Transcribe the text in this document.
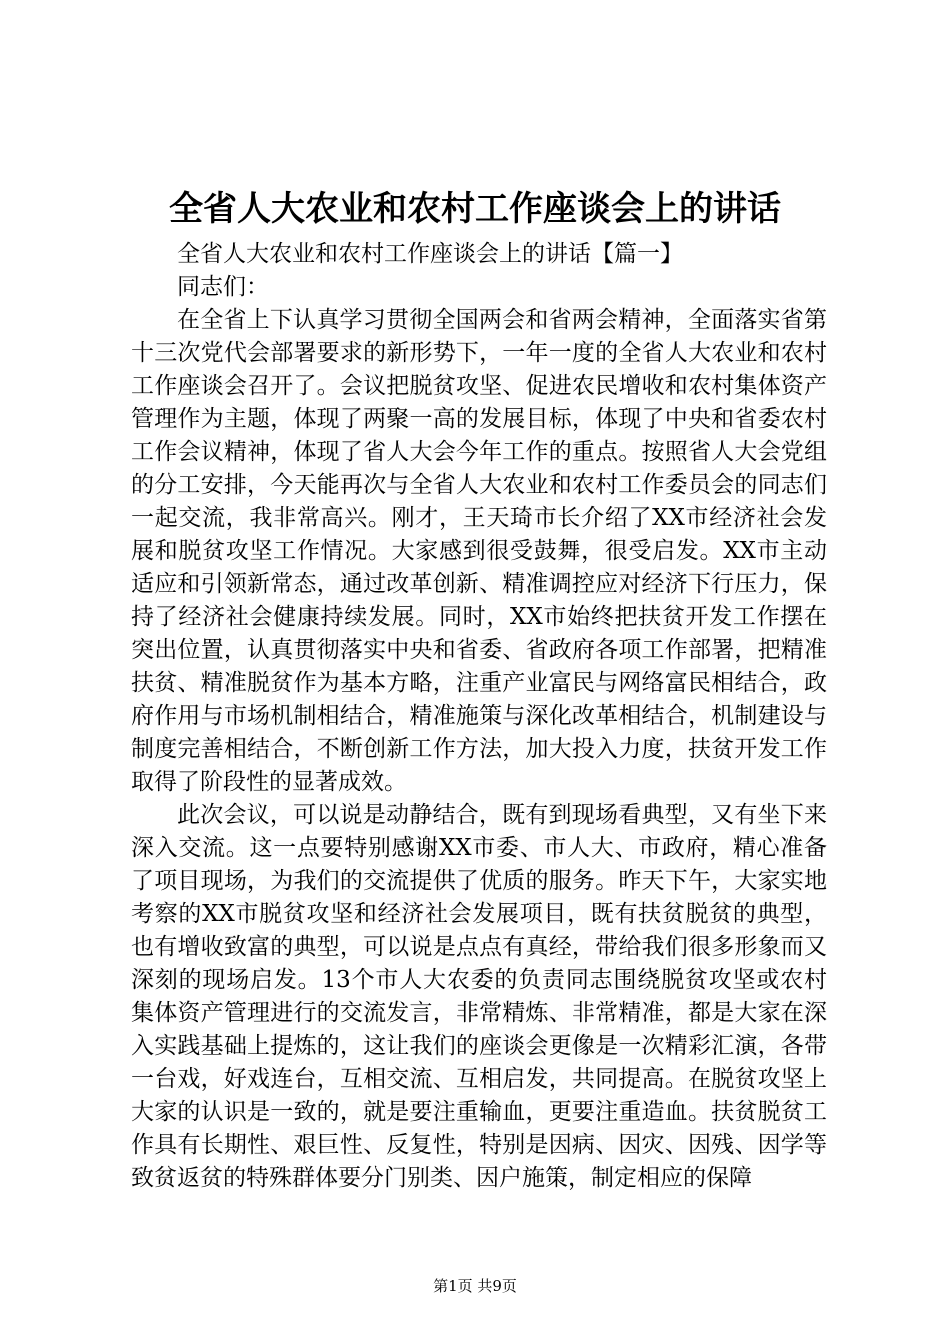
全省人大农业和农村工作座谈会上的讲话

全省人大农业和农村工作座谈会上的讲话【篇一】

同志们：

在全省上下认真学习贯彻全国两会和省两会精神，全面落实省第十三次党代会部署要求的新形势下，一年一度的全省人大农业和农村工作座谈会召开了。会议把脱贫攻坚、促进农民增收和农村集体资产管理作为主题，体现了两聚一高的发展目标，体现了中央和省委农村工作会议精神，体现了省人大会今年工作的重点。按照省人大会党组的分工安排，今天能再次与全省人大农业和农村工作委员会的同志们一起交流，我非常高兴。刚才，王天琦市长介绍了XX市经济社会发展和脱贫攻坚工作情况。大家感到很受鼓舞，很受启发。XX市主动适应和引领新常态，通过改革创新、精准调控应对经济下行压力，保持了经济社会健康持续发展。同时，XX市始终把扶贫开发工作摆在突出位置，认真贯彻落实中央和省委、省政府各项工作部署，把精准扶贫、精准脱贫作为基本方略，注重产业富民与网络富民相结合，政府作用与市场机制相结合，精准施策与深化改革相结合，机制建设与制度完善相结合，不断创新工作方法，加大投入力度，扶贫开发工作取得了阶段性的显著成效。

此次会议，可以说是动静结合，既有到现场看典型，又有坐下来深入交流。这一点要特别感谢XX市委、市人大、市政府，精心准备了项目现场，为我们的交流提供了优质的服务。昨天下午，大家实地考察的XX市脱贫攻坚和经济社会发展项目，既有扶贫脱贫的典型，也有增收致富的典型，可以说是点点有真经，带给我们很多形象而又深刻的现场启发。13个市人大农委的负责同志围绕脱贫攻坚或农村集体资产管理进行的交流发言，非常精炼、非常精准，都是大家在深入实践基础上提炼的，这让我们的座谈会更像是一次精彩汇演，各带一台戏，好戏连台，互相交流、互相启发，共同提高。在脱贫攻坚上大家的认识是一致的，就是要注重输血，更要注重造血。扶贫脱贫工作具有长期性、艰巨性、反复性，特别是因病、因灾、因残、因学等致贫返贫的特殊群体要分门别类、因户施策，制定相应的保障

第1页 共9页
